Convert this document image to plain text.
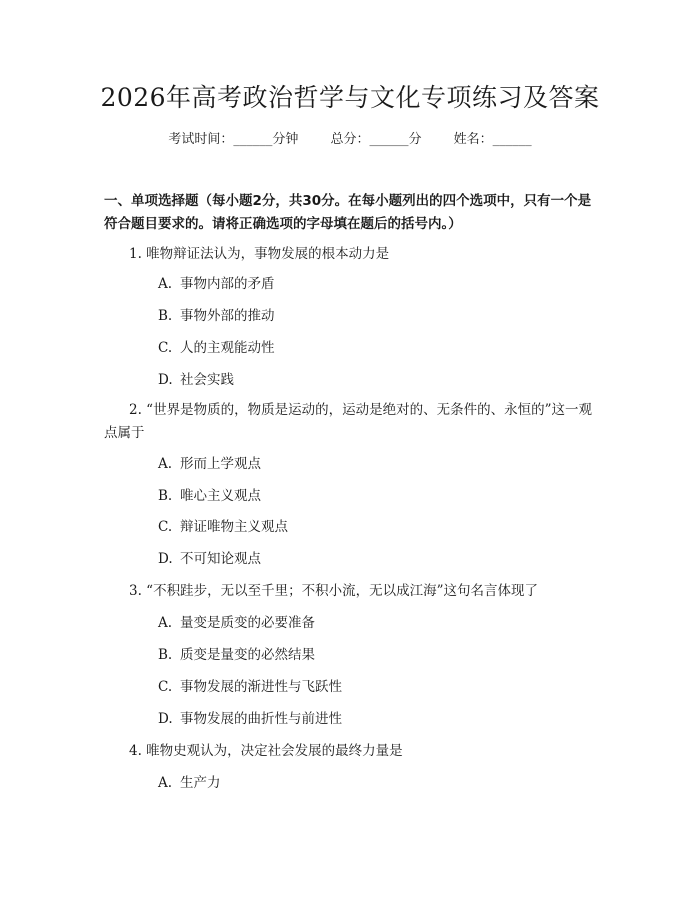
2026年高考政治哲学与文化专项练习及答案
考试时间：______分钟 总分：______分 姓名：______
一、单项选择题（每小题2分，共30分。在每小题列出的四个选项中，只有一个是符合题目要求的。请将正确选项的字母填在题后的括号内。）
1. 唯物辩证法认为，事物发展的根本动力是
A. 事物内部的矛盾
B. 事物外部的推动
C. 人的主观能动性
D. 社会实践
2. “世界是物质的，物质是运动的，运动是绝对的、无条件的、永恒的”这一观点属于
A. 形而上学观点
B. 唯心主义观点
C. 辩证唯物主义观点
D. 不可知论观点
3. “不积跬步，无以至千里；不积小流，无以成江海”这句名言体现了
A. 量变是质变的必要准备
B. 质变是量变的必然结果
C. 事物发展的渐进性与飞跃性
D. 事物发展的曲折性与前进性
4. 唯物史观认为，决定社会发展的最终力量是
A. 生产力
